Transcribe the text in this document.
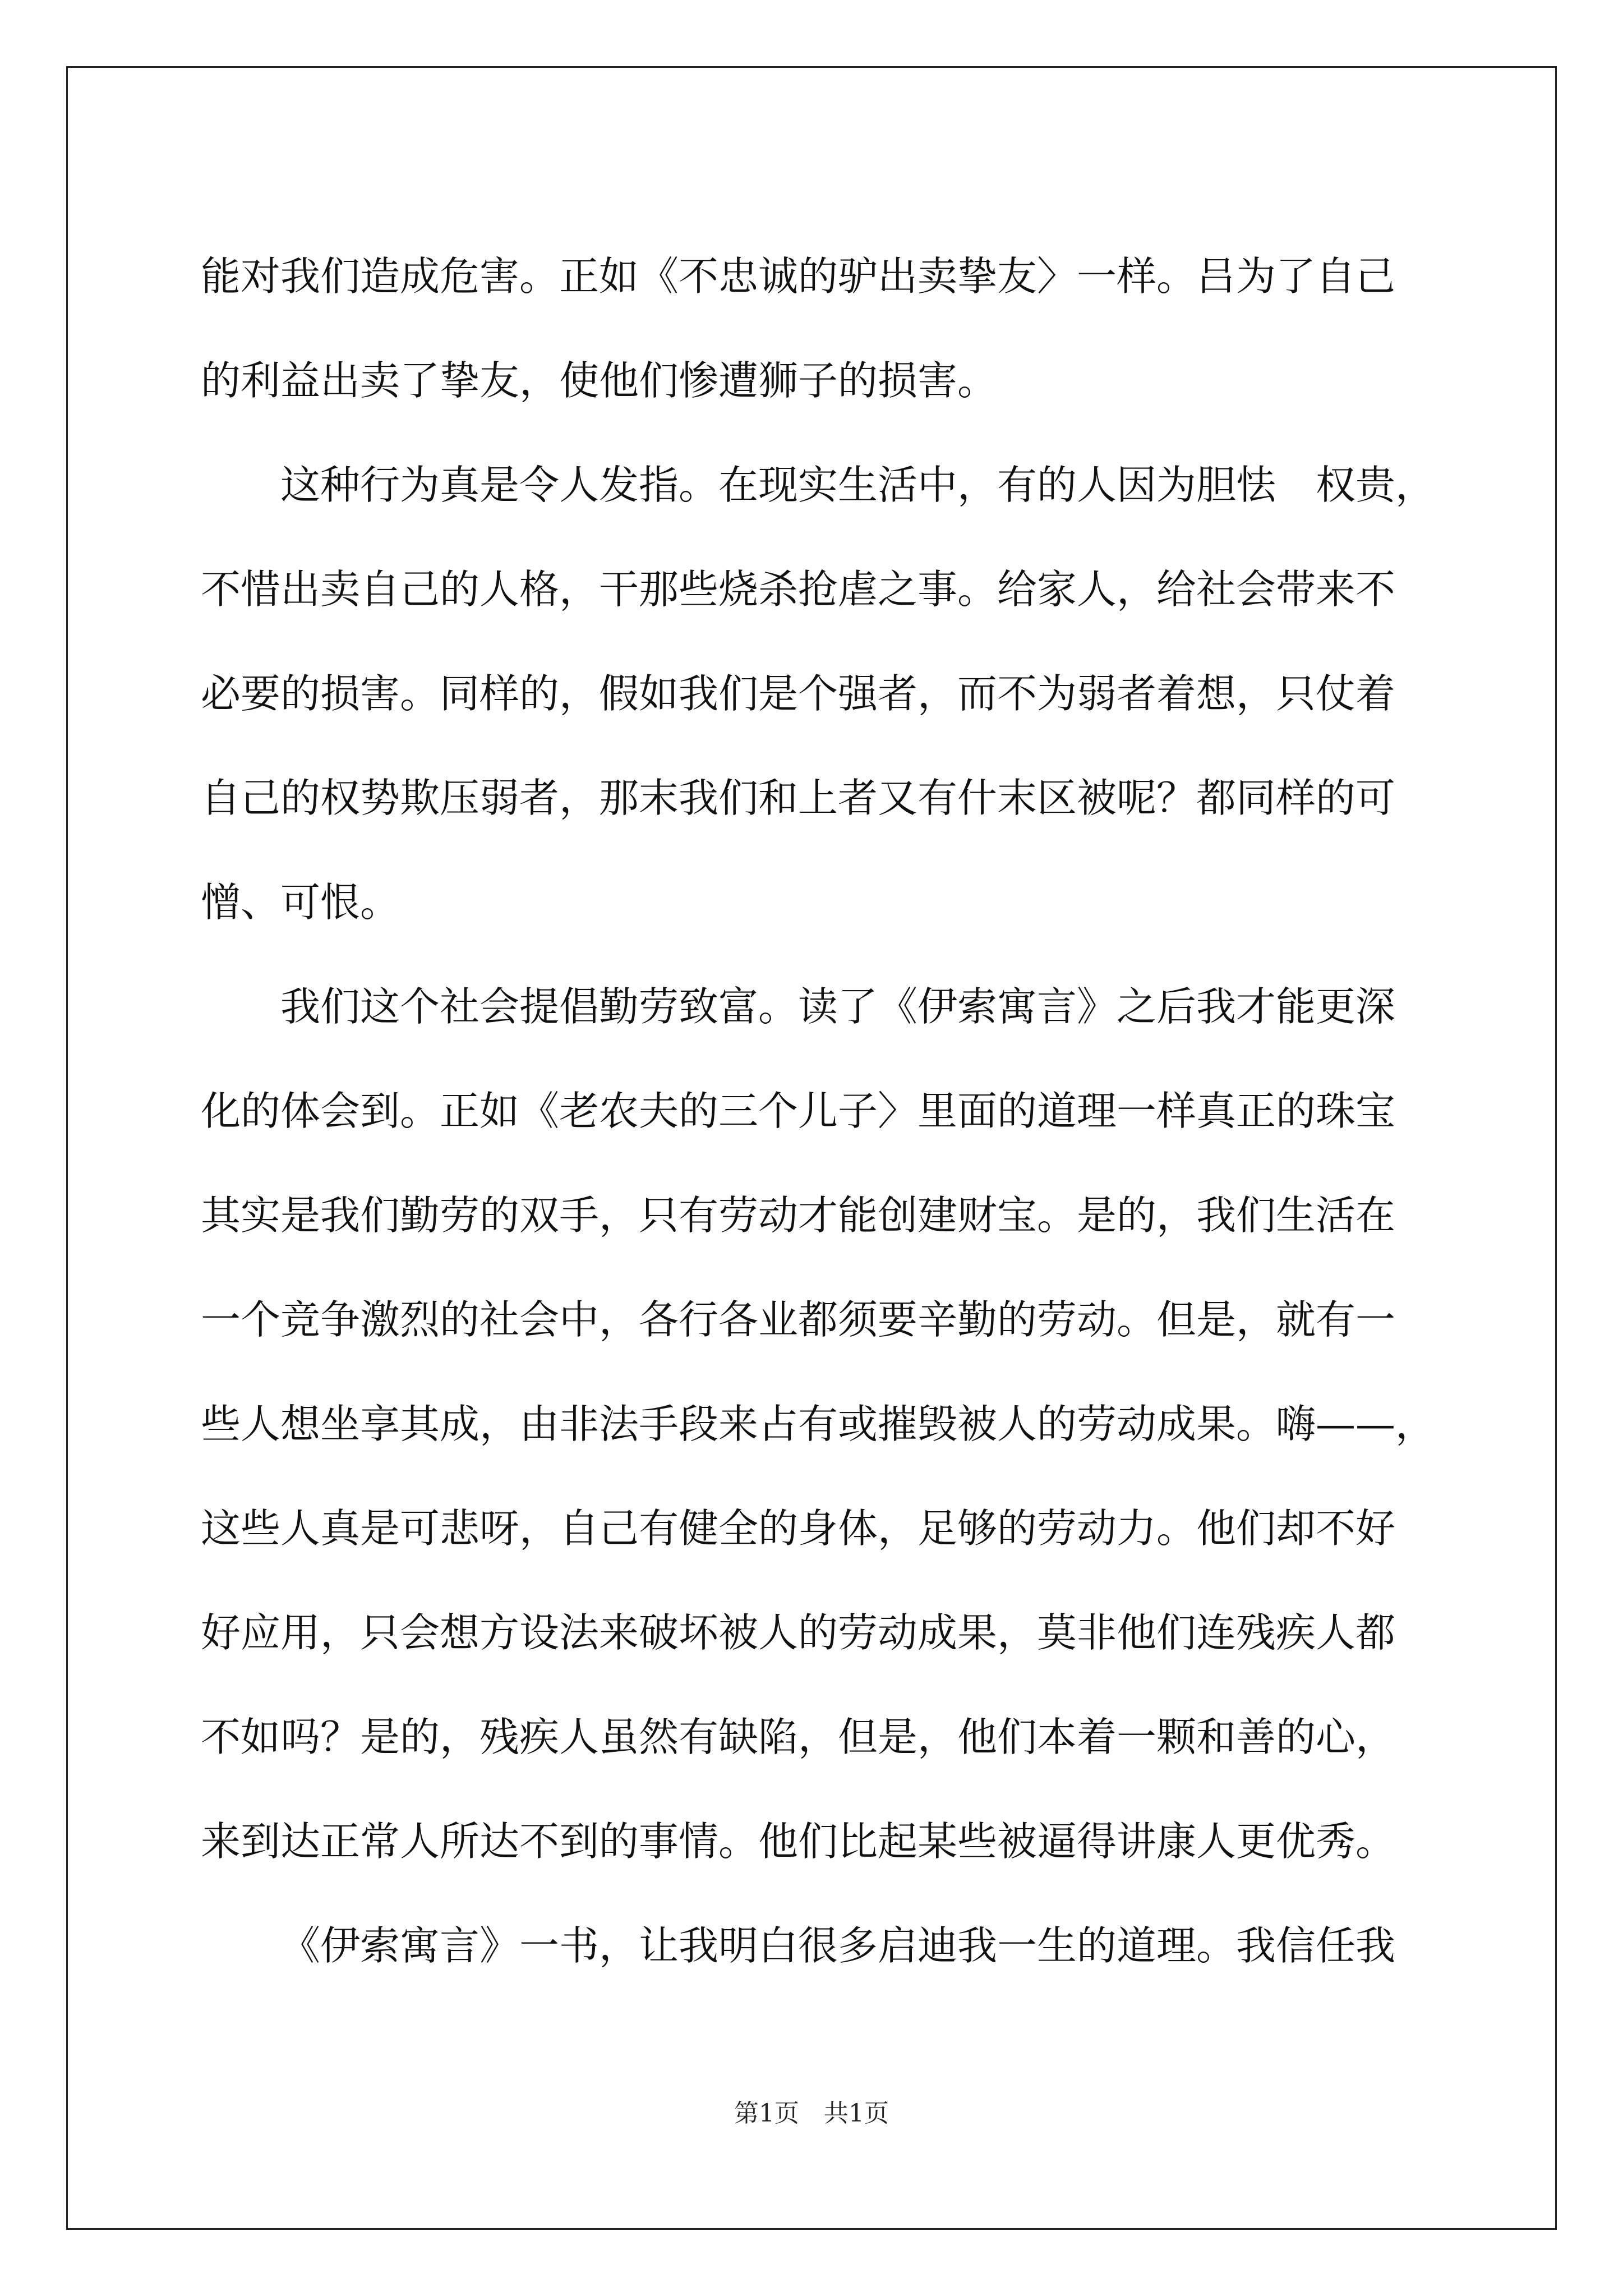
能对我们造成危害。正如《不忠诚的驴出卖挚友〉一样。吕为了自己
的利益出卖了挚友，使他们惨遭狮子的损害。
这种行为真是令人发指。在现实生活中，有的人因为胆怯　权贵，
不惜出卖自己的人格，干那些烧杀抢虐之事。给家人，给社会带来不
必要的损害。同样的，假如我们是个强者，而不为弱者着想，只仗着
自己的权势欺压弱者，那末我们和上者又有什末区被呢？都同样的可
憎、可恨。
我们这个社会提倡勤劳致富。读了《伊索寓言》之后我才能更深
化的体会到。正如《老农夫的三个儿子〉里面的道理一样真正的珠宝
其实是我们勤劳的双手，只有劳动才能创建财宝。是的，我们生活在
一个竞争激烈的社会中，各行各业都须要辛勤的劳动。但是，就有一
些人想坐享其成，由非法手段来占有或摧毁被人的劳动成果。嗨——，
这些人真是可悲呀，自己有健全的身体，足够的劳动力。他们却不好
好应用，只会想方设法来破坏被人的劳动成果，莫非他们连残疾人都
不如吗？是的，残疾人虽然有缺陷，但是，他们本着一颗和善的心，
来到达正常人所达不到的事情。他们比起某些被逼得讲康人更优秀。
《伊索寓言》一书，让我明白很多启迪我一生的道理。我信任我
第1页　共1页
